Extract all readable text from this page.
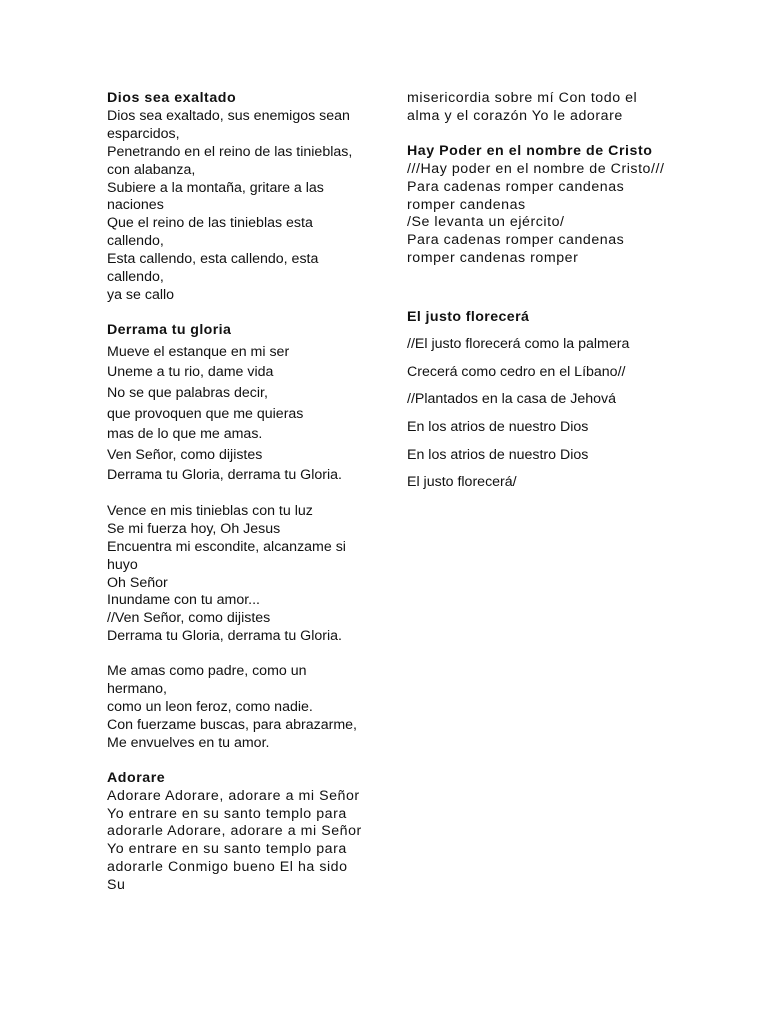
Dios sea exaltado
Dios sea exaltado, sus enemigos sean esparcidos,
Penetrando en el reino de las tinieblas, con alabanza,
Subiere a la montaña, gritare a las naciones
Que el reino de las tinieblas esta callendo,
Esta callendo, esta callendo, esta callendo,
ya se callo
Derrama tu gloria
Mueve el estanque en mi ser
Uneme a tu rio, dame vida
No se que palabras decir,
que provoquen que me quieras
mas de lo que me amas.
Ven Señor, como dijistes
Derrama tu Gloria, derrama tu Gloria.
Vence en mis tinieblas con tu luz
Se mi fuerza hoy, Oh Jesus
Encuentra mi escondite, alcanzame si huyo
Oh Señor
Inundame con tu amor...
//Ven Señor, como dijistes
Derrama tu Gloria, derrama tu Gloria.
Me amas como padre, como un hermano,
como un leon feroz, como nadie.
Con fuerzame buscas, para abrazarme,
Me envuelves en tu amor.
Adorare
Adorare Adorare, adorare a mi Señor Yo entrare en su santo templo para adorarle Adorare, adorare a mi Señor Yo entrare en su santo templo para adorarle Conmigo bueno El ha sido Su
misericordia sobre mí Con todo el alma y el corazón Yo le adorare
Hay Poder en el nombre de Cristo
///Hay poder en el nombre de Cristo///
Para cadenas romper candenas romper candenas
/Se levanta un ejército/
Para cadenas romper candenas romper candenas romper
El justo florecerá
//El justo florecerá como la palmera
Crecerá como cedro en el Líbano//
//Plantados en la casa de Jehová
En los atrios de nuestro Dios
En los atrios de nuestro Dios
El justo florecerá/
